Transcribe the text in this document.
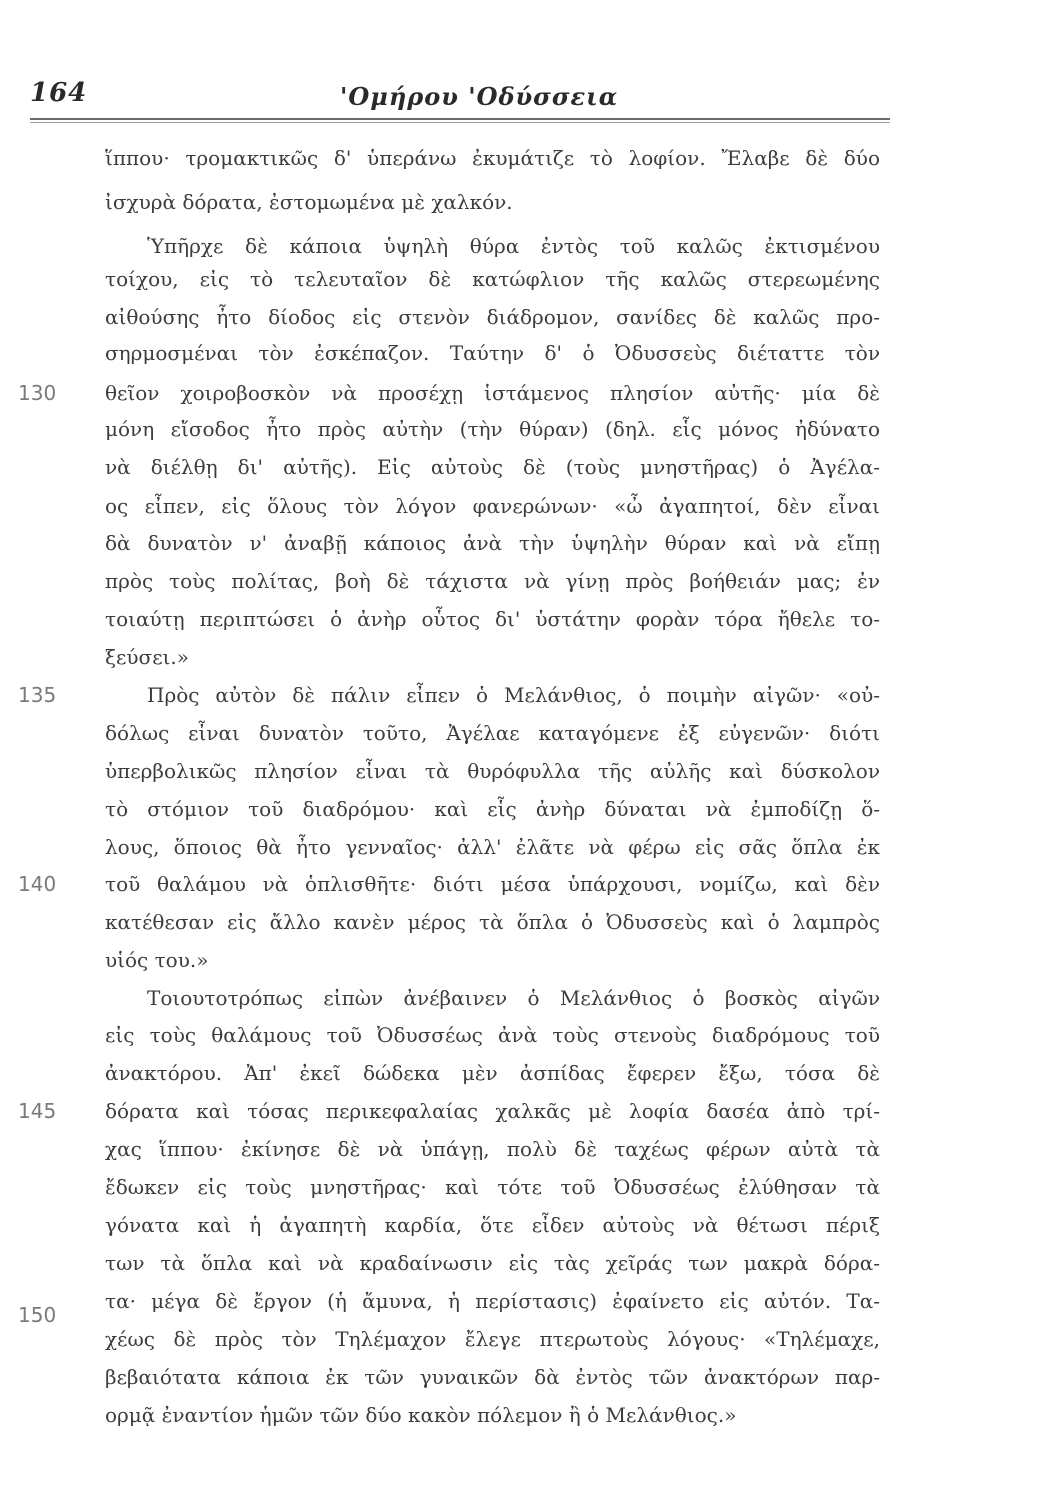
164	'Ομήρου 'Οδύσσεια
ἵππου· τρομακτικῶς δ' ὑπεράνω ἐκυμάτιζε τὸ λοφίον. Ἔλαβε δὲ δύο
ἰσχυρὰ δόρατα, ἐστομωμένα μὲ χαλκόν.
Ὑπῆρχε δὲ κάποια ὑψηλὴ θύρα ἐντὸς τοῦ καλῶς ἐκτισμένου
τοίχου, εἰς τὸ τελευταῖον δὲ κατώφλιον τῆς καλῶς στερεωμένης
αἰθούσης ἦτο δίοδος εἰς στενὸν διάδρομον, σανίδες δὲ καλῶς προ-
σηρμοσμέναι τὸν ἐσκέπαζον. Ταύτην δ' ὁ Ὀδυσσεὺς διέταττε τὸν
θεῖον χοιροβοσκὸν νὰ προσέχῃ ἱστάμενος πλησίον αὐτῆς· μία δὲ
μόνη εἴσοδος ἦτο πρὸς αὐτὴν (τὴν θύραν) (δηλ. εἷς μόνος ἠδύνατο
νὰ διέλθῃ δι' αὐτῆς). Εἰς αὐτοὺς δὲ (τοὺς μνηστῆρας) ὁ Ἀγέλα-
ος εἶπεν, εἰς ὅλους τὸν λόγον φανερώνων· «ὦ ἀγαπητοί, δὲν εἶναι
δὰ δυνατὸν ν' ἀναβῇ κάποιος ἀνὰ τὴν ὑψηλὴν θύραν καὶ νὰ εἴπῃ
πρὸς τοὺς πολίτας, βοὴ δὲ τάχιστα νὰ γίνῃ πρὸς βοήθειάν μας; ἐν
τοιαύτῃ περιπτώσει ὁ ἀνὴρ οὗτος δι' ὑστάτην φορὰν τόρα ἤθελε το-
ξεύσει.»
Πρὸς αὐτὸν δὲ πάλιν εἶπεν ὁ Μελάνθιος, ὁ ποιμὴν αἰγῶν· «οὐ-
δόλως εἶναι δυνατὸν τοῦτο, Ἀγέλαε καταγόμενε ἐξ εὐγενῶν· διότι
ὑπερβολικῶς πλησίον εἶναι τὰ θυρόφυλλα τῆς αὐλῆς καὶ δύσκολον
τὸ στόμιον τοῦ διαδρόμου· καὶ εἷς ἀνὴρ δύναται νὰ ἐμποδίζῃ ὅ-
λους, ὅποιος θὰ ἦτο γενναῖος· ἀλλ' ἐλᾶτε νὰ φέρω εἰς σᾶς ὅπλα ἐκ
τοῦ θαλάμου νὰ ὁπλισθῆτε· διότι μέσα ὑπάρχουσι, νομίζω, καὶ δὲν
κατέθεσαν εἰς ἄλλο κανὲν μέρος τὰ ὅπλα ὁ Ὀδυσσεὺς καὶ ὁ λαμπρὸς
υἱός του.»
Τοιουτοτρόπως εἰπὼν ἀνέβαινεν ὁ Μελάνθιος ὁ βοσκὸς αἰγῶν
εἰς τοὺς θαλάμους τοῦ Ὀδυσσέως ἀνὰ τοὺς στενοὺς διαδρόμους τοῦ
ἀνακτόρου. Ἀπ' ἐκεῖ δώδεκα μὲν ἀσπίδας ἔφερεν ἔξω, τόσα δὲ
δόρατα καὶ τόσας περικεφαλαίας χαλκᾶς μὲ λοφία δασέα ἀπὸ τρί-
χας ἵππου· ἐκίνησε δὲ νὰ ὑπάγῃ, πολὺ δὲ ταχέως φέρων αὐτὰ τὰ
ἔδωκεν εἰς τοὺς μνηστῆρας· καὶ τότε τοῦ Ὀδυσσέως ἐλύθησαν τὰ
γόνατα καὶ ἡ ἀγαπητὴ καρδία, ὅτε εἶδεν αὐτοὺς νὰ θέτωσι πέριξ
των τὰ ὅπλα καὶ νὰ κραδαίνωσιν εἰς τὰς χεῖράς των μακρὰ δόρα-
τα· μέγα δὲ ἔργον (ἡ ἄμυνα, ἡ περίστασις) ἐφαίνετο εἰς αὐτόν. Τα-
χέως δὲ πρὸς τὸν Τηλέμαχον ἔλεγε πτερωτοὺς λόγους· «Τηλέμαχε,
βεβαιότατα κάποια ἐκ τῶν γυναικῶν δὰ ἐντὸς τῶν ἀνακτόρων παρ-
ορμᾷ ἐναντίον ἡμῶν τῶν δύο κακὸν πόλεμον ἢ ὁ Μελάνθιος.»
130
135
140
145
150
